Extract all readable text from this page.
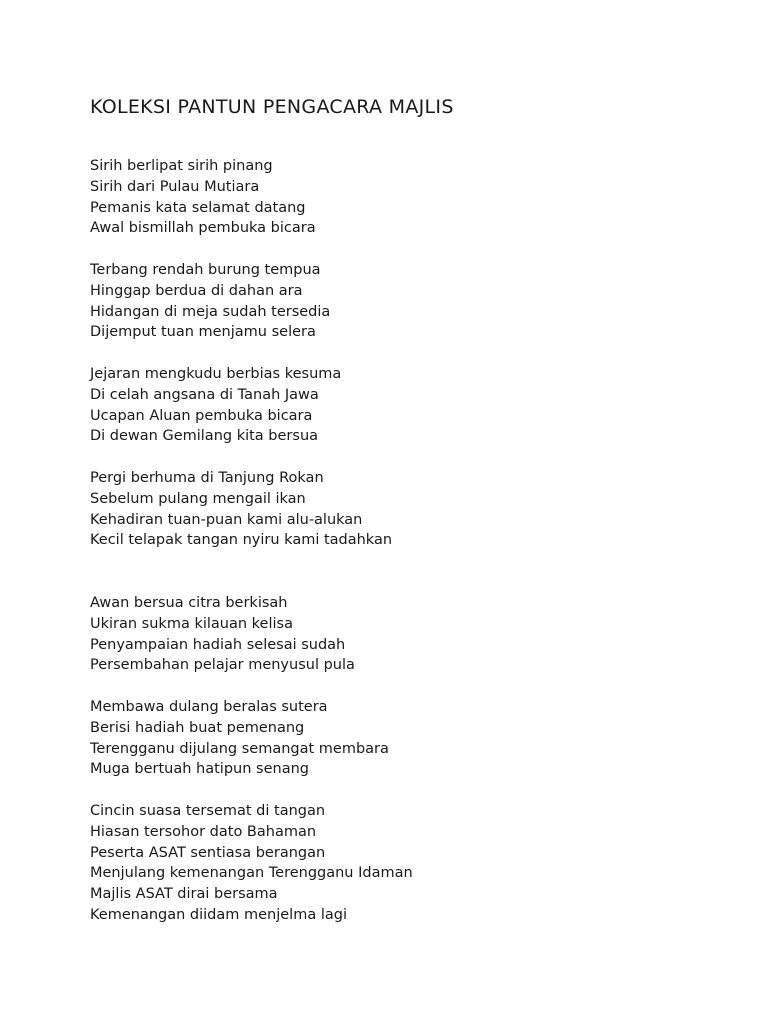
KOLEKSI PANTUN PENGACARA MAJLIS
Sirih berlipat sirih pinang
Sirih dari Pulau Mutiara
Pemanis kata selamat datang
Awal bismillah pembuka bicara
Terbang rendah burung tempua
Hinggap berdua di dahan ara
Hidangan di meja sudah tersedia
Dijemput tuan menjamu selera
Jejaran mengkudu berbias kesuma
Di celah angsana di Tanah Jawa
Ucapan Aluan pembuka bicara
Di dewan Gemilang kita bersua
Pergi berhuma di Tanjung Rokan
Sebelum pulang mengail ikan
Kehadiran tuan-puan kami alu-alukan
Kecil telapak tangan nyiru kami tadahkan
Awan bersua citra berkisah
Ukiran sukma kilauan kelisa
Penyampaian hadiah selesai sudah
Persembahan pelajar menyusul pula
Membawa dulang beralas sutera
Berisi hadiah buat pemenang
Terengganu dijulang semangat membara
Muga bertuah hatipun senang
Cincin suasa tersemat di tangan
Hiasan tersohor dato Bahaman
Peserta ASAT sentiasa berangan
Menjulang kemenangan Terengganu Idaman
Majlis ASAT dirai bersama
Kemenangan diidam menjelma lagi
